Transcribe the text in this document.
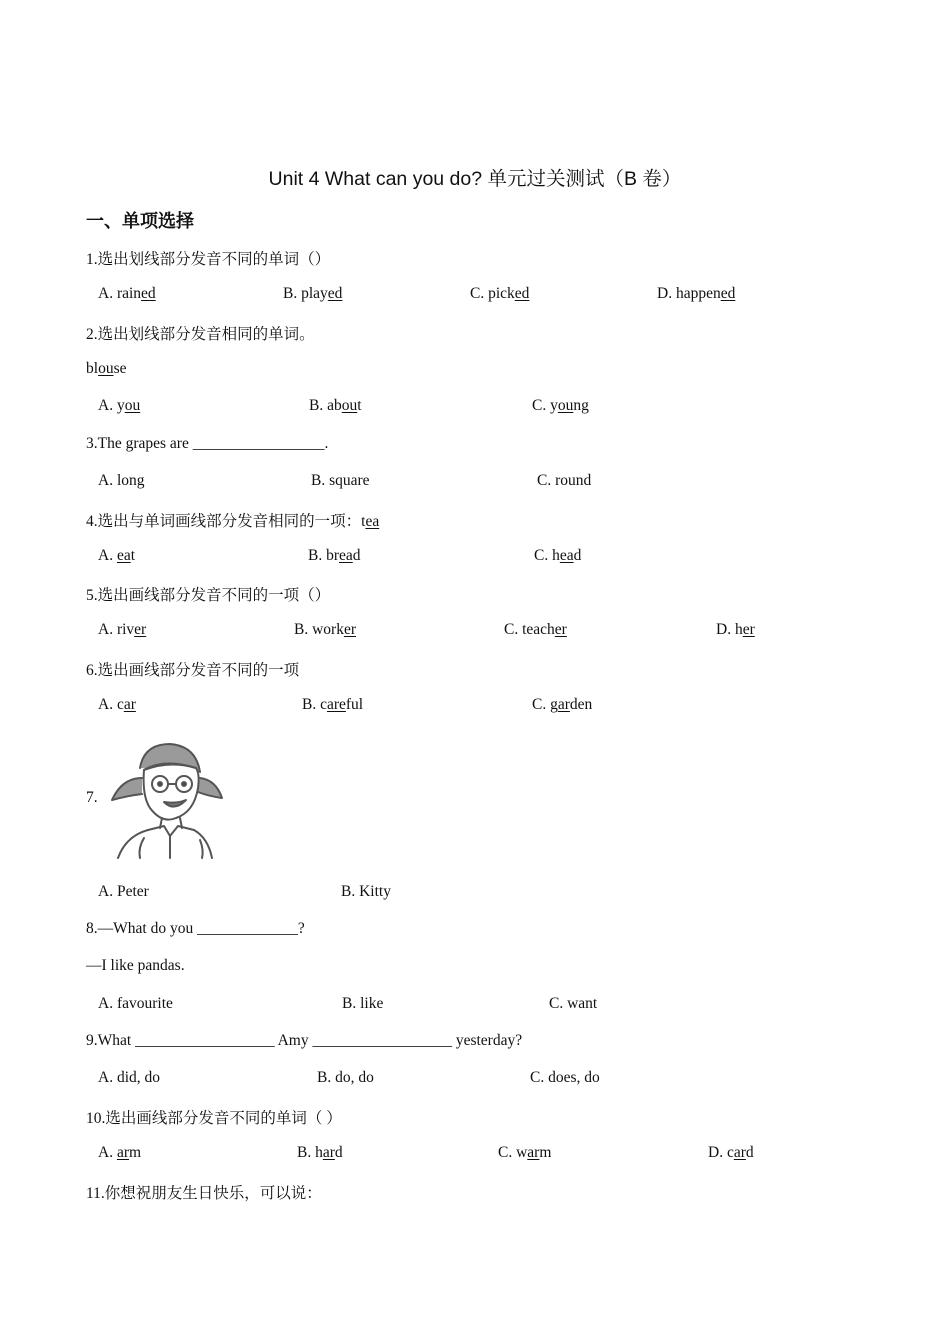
Unit 4 What can you do? 单元过关测试（B 卷）
一、单项选择
1.选出划线部分发音不同的单词（）
A. rained	B. played	C. picked	D. happened
2.选出划线部分发音相同的单词。
blouse
A. you	B. about	C. young
3.The grapes are _________________.
A. long	B. square	C. round
4.选出与单词画线部分发音相同的一项：tea
A. eat	B. bread	C. head
5.选出画线部分发音不同的一项（）
A. river	B. worker	C. teacher	D. her
6.选出画线部分发音不同的一项
A. car	B. careful	C. garden
7.
A. Peter	B. Kitty
8.—What do you _____________?
—I like pandas.
A. favourite	B. like	C. want
9.What __________________ Amy __________________ yesterday?
A. did, do	B. do, do	C. does, do
10.选出画线部分发音不同的单词（ ）
A. arm	B. hard	C. warm	D. card
11.你想祝朋友生日快乐，可以说：
